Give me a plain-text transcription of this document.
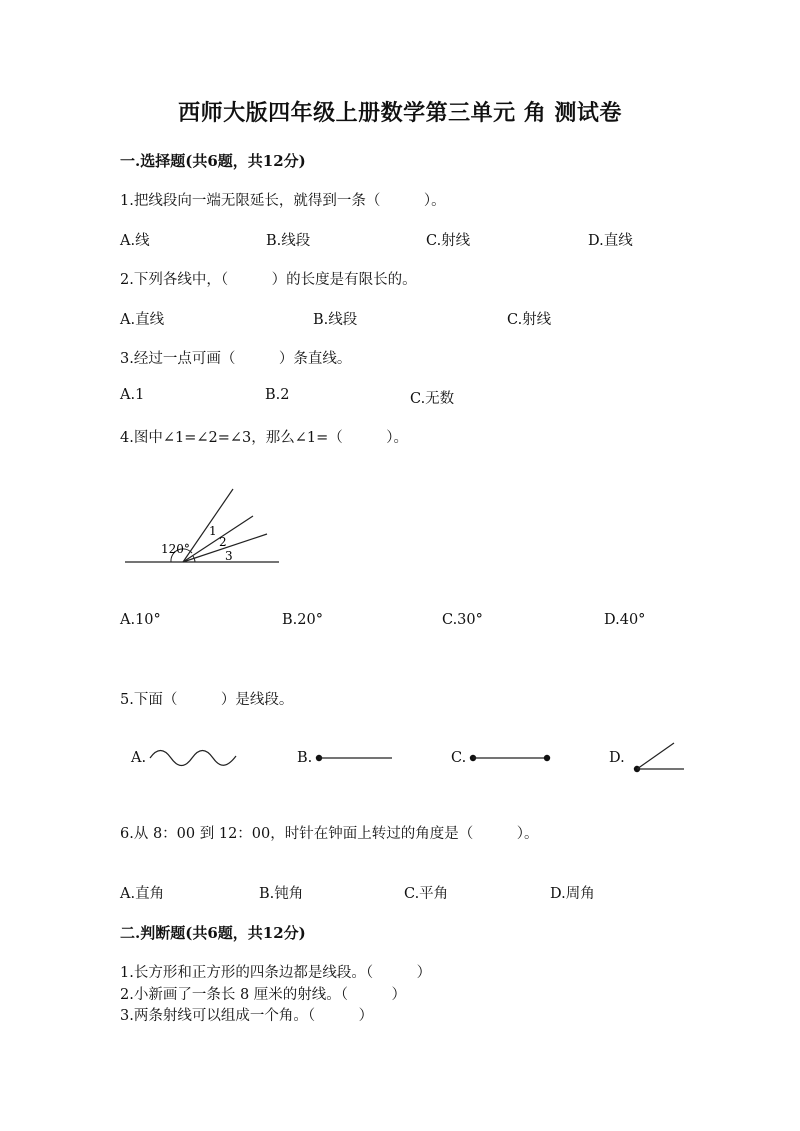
西师大版四年级上册数学第三单元 角 测试卷
一.选择题(共6题，共12分)
1.把线段向一端无限延长，就得到一条（　　　）。
A.线	B.线段	C.射线	D.直线
2.下列各线中，（　　　）的长度是有限长的。
A.直线	B.线段	C.射线
3.经过一点可画（　　　）条直线。
A.1	B.2	C.无数
4.图中∠1=∠2=∠3，那么∠1=（　　　）。
120°
1
2
3
A.10°	B.20°	C.30°	D.40°
5.下面（　　　）是线段。
A.	B.	C.	D.
6.从 8：00 到 12：00，时针在钟面上转过的角度是（　　　）。
A.直角	B.钝角	C.平角	D.周角
二.判断题(共6题，共12分)
1.长方形和正方形的四条边都是线段。（　　　）
2.小新画了一条长 8 厘米的射线。（　　　）
3.两条射线可以组成一个角。（　　　）
